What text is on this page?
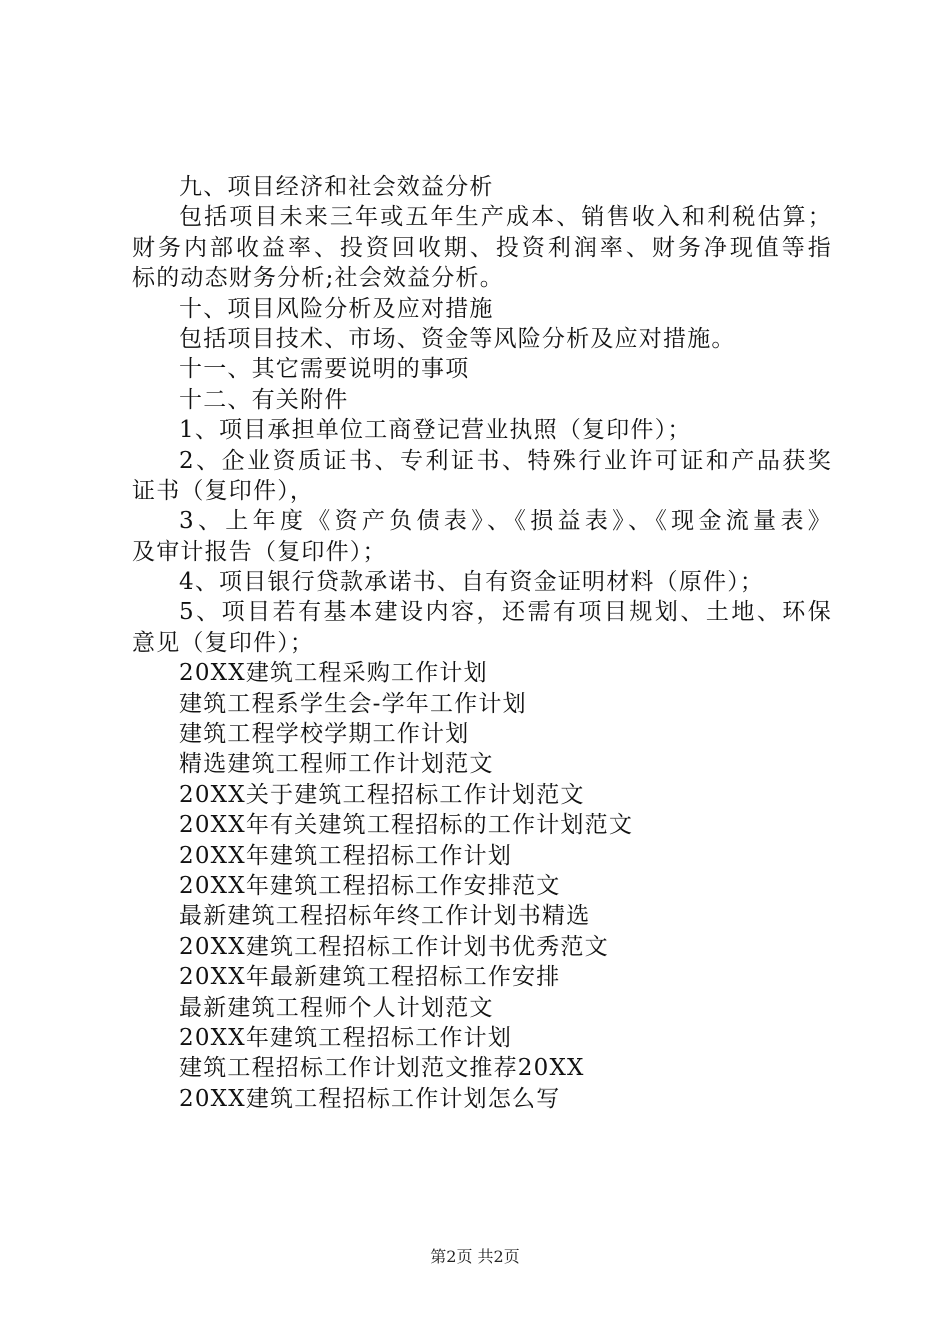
九、项目经济和社会效益分析
包括项目未来三年或五年生产成本、销售收入和利税估算；
财务内部收益率、投资回收期、投资利润率、财务净现值等指
标的动态财务分析;社会效益分析。
十、项目风险分析及应对措施
包括项目技术、市场、资金等风险分析及应对措施。
十一、其它需要说明的事项
十二、有关附件
1、项目承担单位工商登记营业执照（复印件）；
2、企业资质证书、专利证书、特殊行业许可证和产品获奖
证书（复印件），
3、上年度《资产负债表》、《损益表》、《现金流量表》
及审计报告（复印件）；
4、项目银行贷款承诺书、自有资金证明材料（原件）；
5、项目若有基本建设内容，还需有项目规划、土地、环保
意见（复印件）；
20XX建筑工程采购工作计划
建筑工程系学生会-学年工作计划
建筑工程学校学期工作计划
精选建筑工程师工作计划范文
20XX关于建筑工程招标工作计划范文
20XX年有关建筑工程招标的工作计划范文
20XX年建筑工程招标工作计划
20XX年建筑工程招标工作安排范文
最新建筑工程招标年终工作计划书精选
20XX建筑工程招标工作计划书优秀范文
20XX年最新建筑工程招标工作安排
最新建筑工程师个人计划范文
20XX年建筑工程招标工作计划
建筑工程招标工作计划范文推荐20XX
20XX建筑工程招标工作计划怎么写
第2页 共2页
